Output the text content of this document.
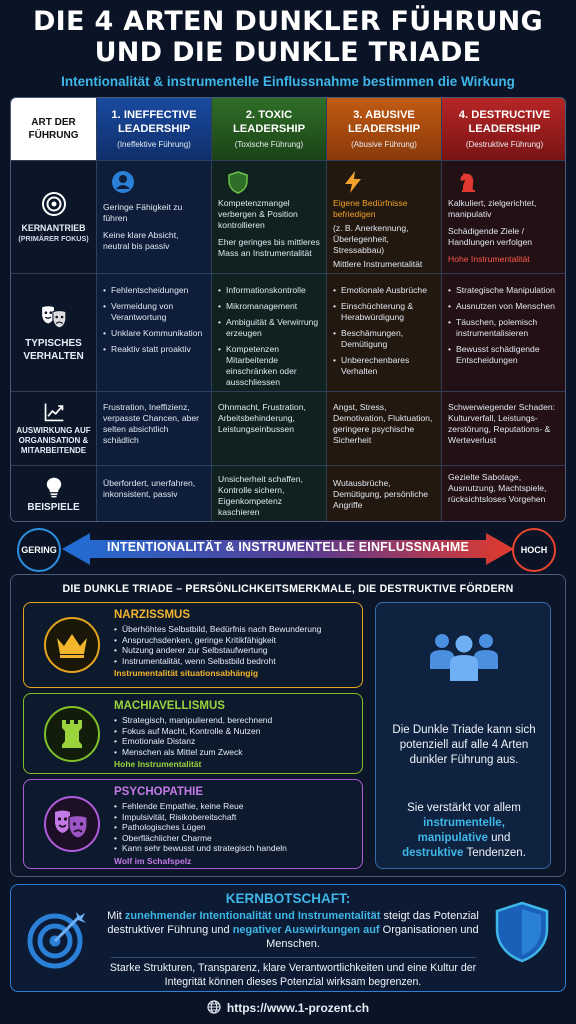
DIE 4 ARTEN DUNKLER FÜHRUNG
UND DIE DUNKLE TRIADE
Intentionalität & instrumentelle Einflussnahme bestimmen die Wirkung
ART DER FÜHRUNG
1. INEFFECTIVE LEADERSHIP
(Ineffektive Führung)
2. TOXIC LEADERSHIP
(Toxische Führung)
3. ABUSIVE LEADERSHIP
(Abusive Führung)
4. DESTRUCTIVE LEADERSHIP
(Destruktive Führung)
KERNANTRIEB
(PRIMÄRER FOKUS)

Geringe Fähigkeit zu führen

Keine klare Absicht, neutral bis passiv

Kompetenzmangel verbergen & Position kontrollieren

Eher geringes bis mittleres Mass an Instrumentalität

Eigene Bedürfnisse befriedigen

(z. B. Anerkennung, Überlegenheit, Stressabbau)

Mittlere Instrumentalität

Kalkuliert, zielgerichtet, manipulativ

Schädigende Ziele / Handlungen verfolgen

Hohe Instrumentalität

TYPISCHES VERHALTEN
• Fehlentscheidungen
• Vermeidung von Verantwortung
• Unklare Kommunikation
• Reaktiv statt proaktiv
• Informationskontrolle
• Mikromanagement
• Ambiguität & Verwirrung erzeugen
• Kompetenzen Mitarbeitende einschränken oder ausschliessen
• Emotionale Ausbrüche
• Einschüchterung & Herabwürdigung
• Beschämungen, Demütigung
• Unberechenbares Verhalten
• Strategische Manipulation
• Ausnutzen von Menschen
• Täuschen, polemisch instrumentalisieren
• Bewusst schädigende Entscheidungen
AUSWIRKUNG AUF ORGANISATION & MITARBEITENDE

Frustration, Ineffizienz, verpasste Chancen, aber selten absichtlich schädlich

Ohnmacht, Frustration, Arbeitsbehinderung, Leistungseinbussen

Angst, Stress, Demotivation, Fluktuation, geringere psychische Sicherheit

Schwerwiegender Schaden: Kulturverfall, Leistungs-zerstörung, Reputations- & Werteverlust

BEISPIELE

Überfordert, unerfahren, inkonsistent, passiv

Unsicherheit schaffen, Kontrolle sichern, Eigenkompetenz kaschieren

Wutausbrüche, Demütigung, persönliche Angriffe

Gezielte Sabotage, Ausnutzung, Machtspiele, rücksichtsloses Vorgehen

INTENTIONALITÄT & INSTRUMENTELLE EINFLUSSNAHME
GERING	HOCH
DIE DUNKLE TRIADE – PERSÖNLICHKEITSMERKMALE, DIE DESTRUKTIVE FÖRDERN
NARZISSMUS
• Überhöhtes Selbstbild, Bedürfnis nach Bewunderung
• Anspruchsdenken, geringe Kritikfähigkeit
• Nutzung anderer zur Selbstaufwertung
• Instrumentalität, wenn Selbstbild bedroht
Instrumentalität situationsabhängig
MACHIAVELLISMUS
• Strategisch, manipulierend, berechnend
• Fokus auf Macht, Kontrolle & Nutzen
• Emotionale Distanz
• Menschen als Mittel zum Zweck
Hohe Instrumentalität
PSYCHOPATHIE
• Fehlende Empathie, keine Reue
• Impulsivität, Risikobereitschaft
• Pathologisches Lügen
• Oberflächlicher Charme
• Kann sehr bewusst und strategisch handeln
Wolf im Schafspelz
Die Dunkle Triade kann sich potenziell auf alle 4 Arten dunkler Führung aus.
Sie verstärkt vor allem
instrumentelle,
manipulative und
destruktive Tendenzen.
KERNBOTSCHAFT:
Mit zunehmender Intentionalität und Instrumentalität steigt das Potenzial destruktiver Führung und negativer Auswirkungen auf Organisationen und Menschen.
Starke Strukturen, Transparenz, klare Verantwortlichkeiten und eine Kultur der Integrität können dieses Potenzial wirksam begrenzen.
https://www.1-prozent.ch
